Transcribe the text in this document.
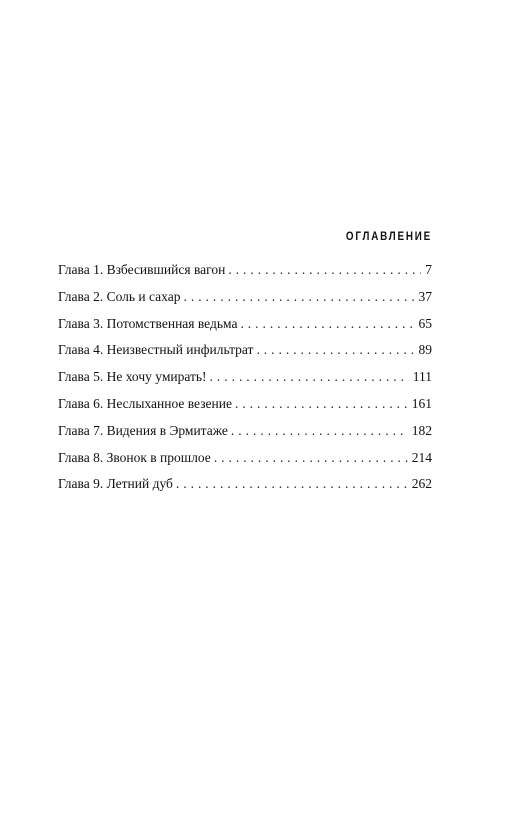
ОГЛАВЛЕНИЕ
Глава 1. Взбесившийся вагон . . .	7
Глава 2. Соль и сахар . . .	37
Глава 3. Потомственная ведьма . . .	65
Глава 4. Неизвестный инфильтрат . . .	89
Глава 5. Не хочу умирать! . . .	111
Глава 6. Неслыханное везение . . .	161
Глава 7. Видения в Эрмитаже . . .	182
Глава 8. Звонок в прошлое . . .	214
Глава 9. Летний дуб . . .	262
